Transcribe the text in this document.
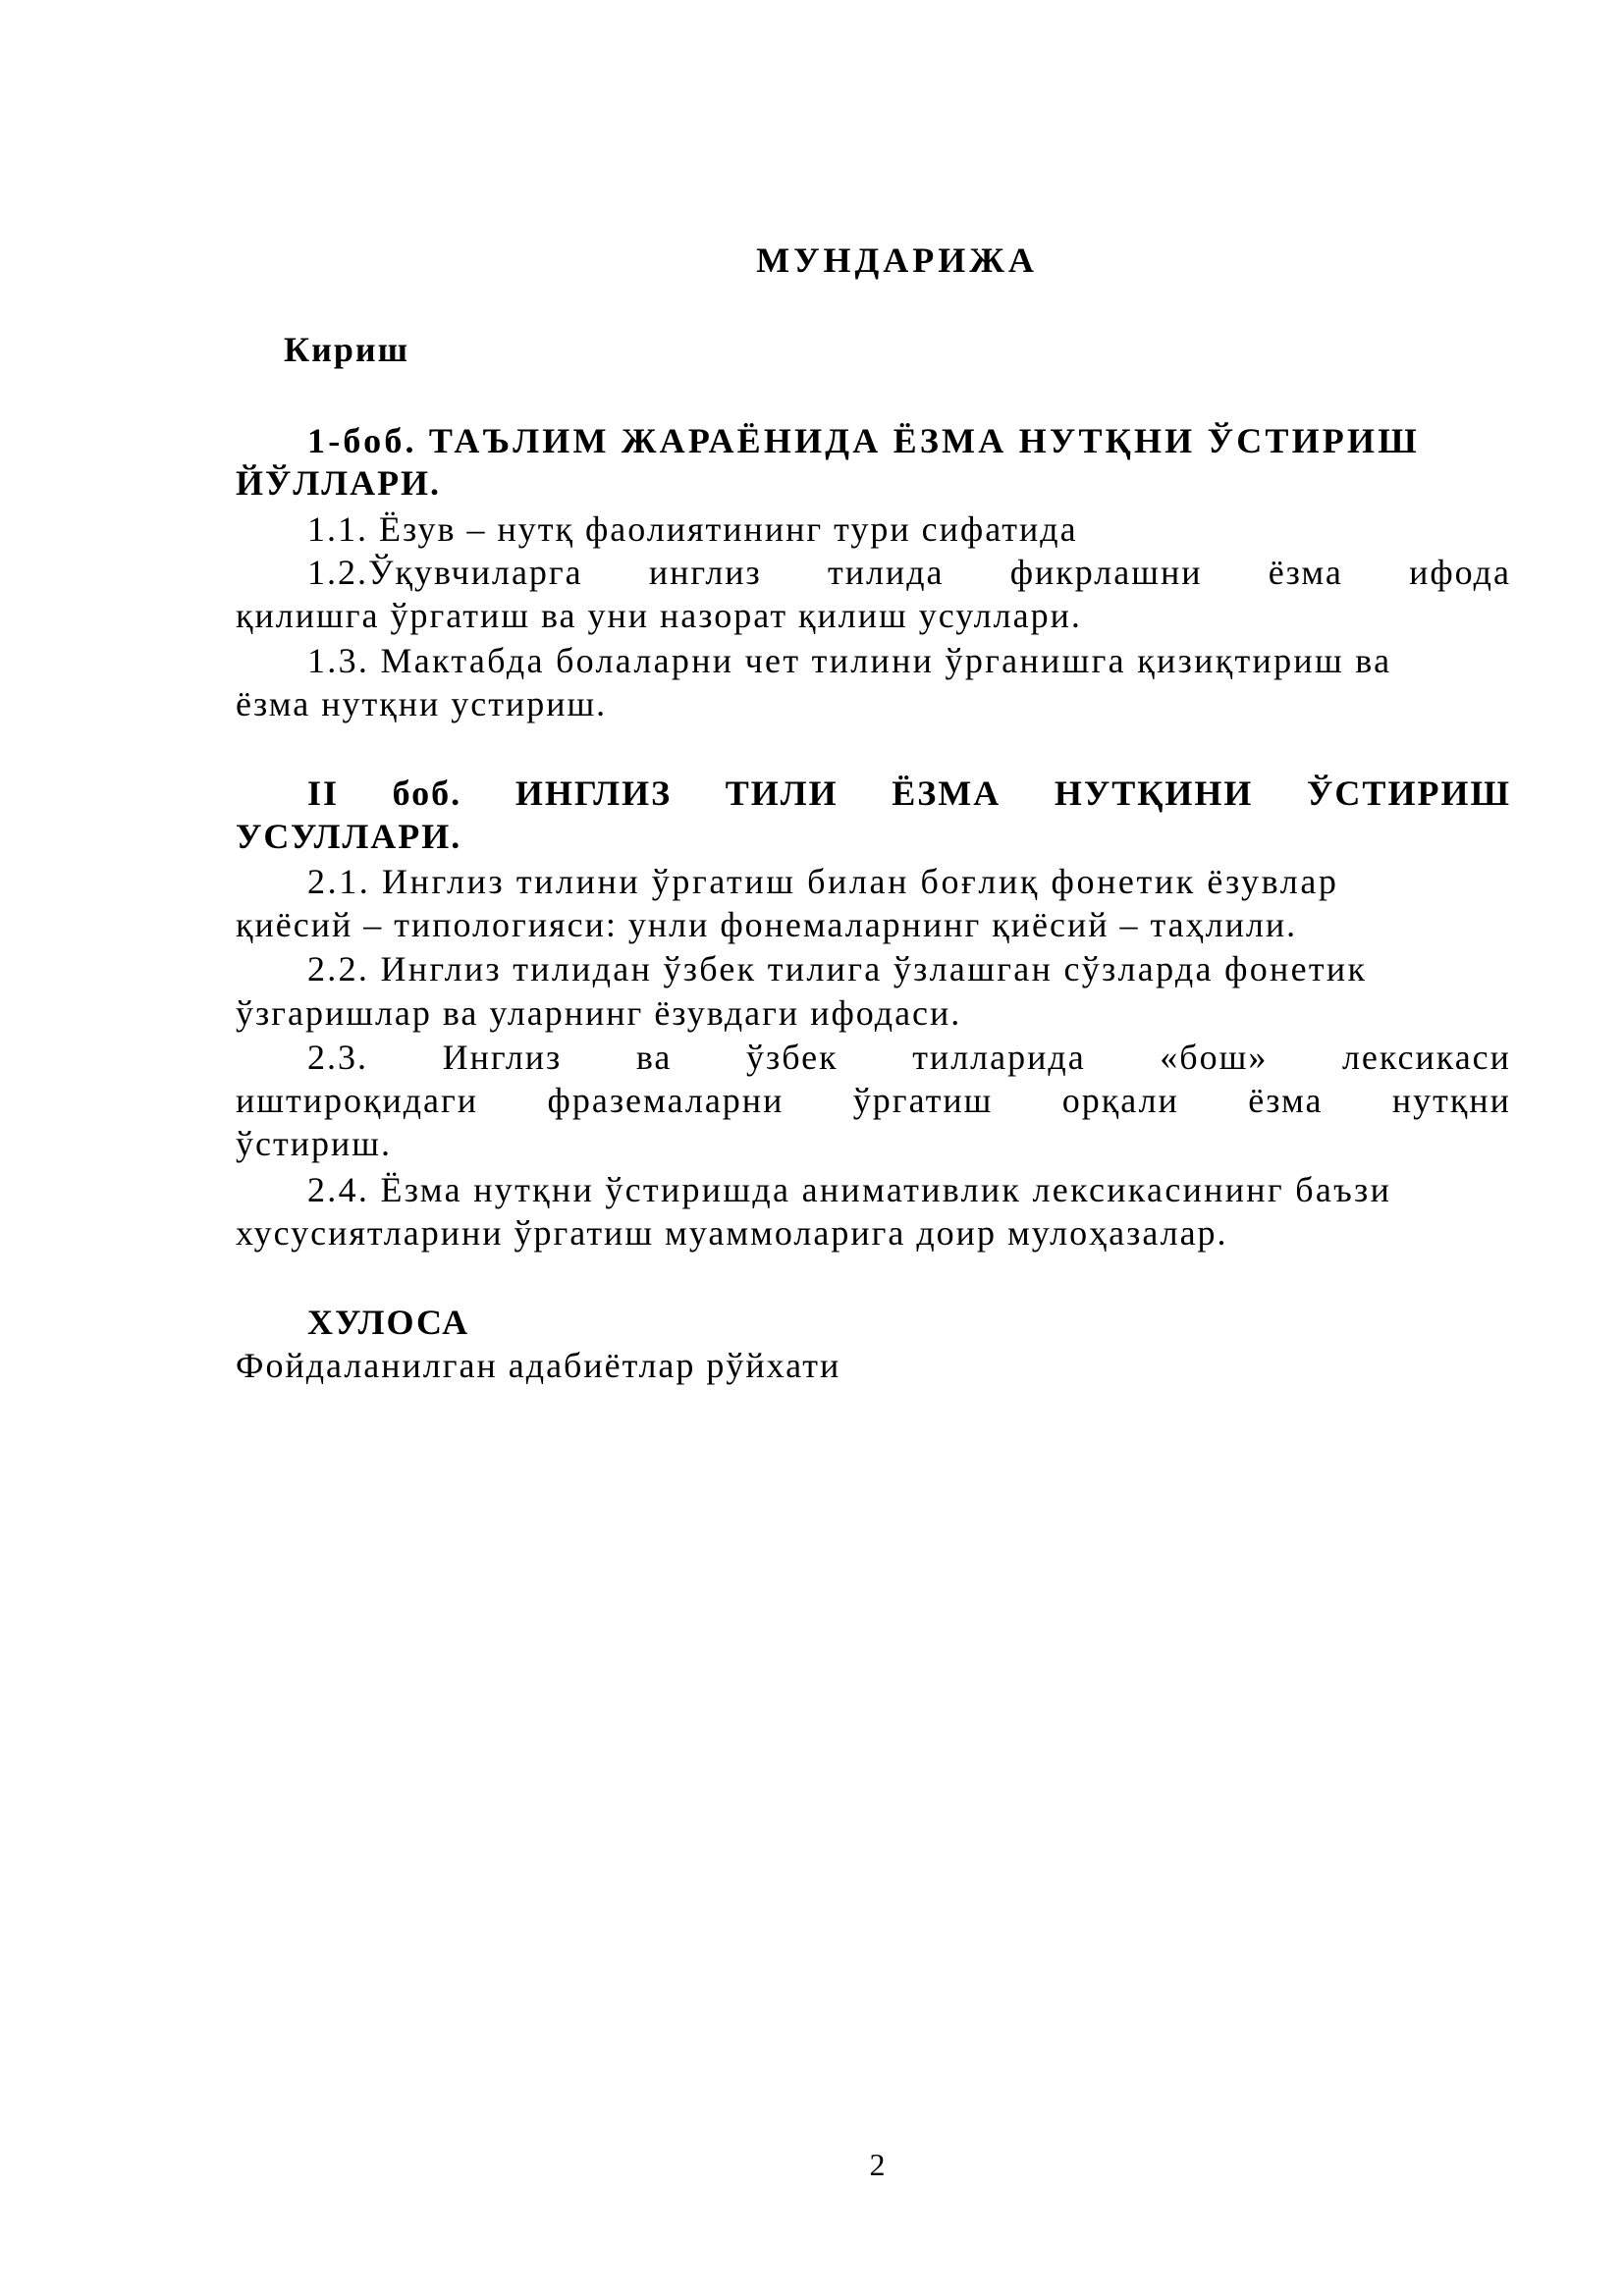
МУНДАРИЖА
Кириш
1-боб. ТАЪЛИМ ЖАРАЁНИДА ЁЗМА НУТҚНИ ЎСТИРИШ
ЙЎЛЛАРИ.
1.1. Ёзув – нутқ фаолиятининг тури сифатида
1.2.Ўқувчиларга инглиз тилида фикрлашни ёзма ифода
қилишга ўргатиш ва уни назорат қилиш усуллари.
1.3. Мактабда болаларни чет тилини ўрганишга қизиқтириш ва
ёзма нутқни устириш.
II боб. ИНГЛИЗ ТИЛИ ЁЗМА НУТҚИНИ ЎСТИРИШ
УСУЛЛАРИ.
2.1. Инглиз тилини ўргатиш билан боғлиқ фонетик ёзувлар
қиёсий – типологияси: унли фонемаларнинг қиёсий – таҳлили.
2.2. Инглиз тилидан ўзбек тилига ўзлашган сўзларда фонетик
ўзгаришлар ва уларнинг ёзувдаги ифодаси.
2.3. Инглиз ва ўзбек тилларида «бош» лексикаси
иштироқидаги фраземаларни ўргатиш орқали ёзма нутқни
ўстириш.
2.4. Ёзма нутқни ўстиришда анимативлик лексикасининг баъзи
хусусиятларини ўргатиш муаммоларига доир мулоҳазалар.
ХУЛОСА
Фойдаланилган адабиётлар рўйхати
2
